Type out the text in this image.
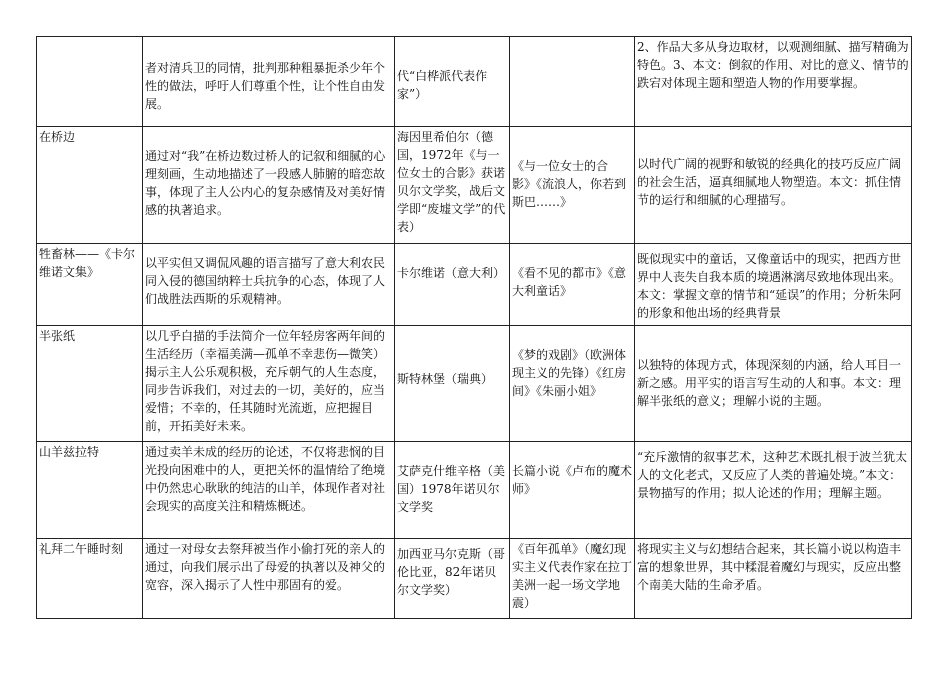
	者对清兵卫的同情，批判那种粗暴扼杀少年个性的做法，呼吁人们尊重个性，让个性自由发展。	代“白桦派代表作家”）		2、作品大多从身边取材，以观测细腻、描写精确为特色。3、本文：倒叙的作用、对比的意义、情节的跌宕对体现主题和塑造人物的作用要掌握。
在桥边	通过对“我”在桥边数过桥人的记叙和细腻的心理刻画，生动地描述了一段感人肺腑的暗恋故事，体现了主人公内心的复杂感情及对美好情感的执著追求。	海因里希伯尔（德国，1972年《与一位女士的合影》获诺贝尔文学奖，战后文学即“废墟文学”的代表）	《与一位女士的合影》《流浪人，你若到斯巴……》	以时代广阔的视野和敏锐的经典化的技巧反应广阔的社会生活，逼真细腻地人物塑造。本文：抓住情节的运行和细腻的心理描写。
牲畜林——《卡尔维诺文集》	以平实但又调侃风趣的语言描写了意大利农民同入侵的德国纳粹士兵抗争的心态，体现了人们战胜法西斯的乐观精神。	卡尔维诺（意大利）	《看不见的都市》《意大利童话》	既似现实中的童话，又像童话中的现实，把西方世界中人丧失自我本质的境遇淋漓尽致地体现出来。本文：掌握文章的情节和“延误”的作用；分析朱阿的形象和他出场的经典背景
半张纸	以几乎白描的手法简介一位年轻房客两年间的生活经历（幸福美满—孤单不幸悲伤—微笑）揭示主人公乐观积极，充斥朝气的人生态度，同步告诉我们，对过去的一切，美好的，应当爱惜；不幸的，任其随时光流逝，应把握目前，开拓美好未来。	斯特林堡（瑞典）	《梦的戏剧》（欧洲体现主义的先锋）《红房间》《朱丽小姐》	以独特的体现方式，体现深刻的内涵，给人耳目一新之感。用平实的语言写生动的人和事。本文：理解半张纸的意义；理解小说的主题。
山羊兹拉特	通过卖羊未成的经历的论述，不仅将悲悯的目光投向困难中的人，更把关怀的温情给了绝境中仍然忠心耿耿的纯洁的山羊，体现作者对社会现实的高度关注和精炼概述。	艾萨克什维辛格（美国）1978年诺贝尔文学奖	长篇小说《卢布的魔术师》	“充斥激情的叙事艺术，这种艺术既扎根于波兰犹太人的文化老式，又反应了人类的普遍处境。”本文：景物描写的作用；拟人论述的作用；理解主题。
礼拜二午睡时刻	通过一对母女去祭拜被当作小偷打死的亲人的通过，向我们展示出了母爱的执著以及神父的宽容，深入揭示了人性中那固有的爱。	加西亚马尔克斯（哥伦比亚，82年诺贝尔文学奖）	《百年孤单》（魔幻现实主义代表作家在拉丁美洲一起一场文学地震）	将现实主义与幻想结合起来，其长篇小说以构造丰富的想象世界，其中糅混着魔幻与现实，反应出整个南美大陆的生命矛盾。
